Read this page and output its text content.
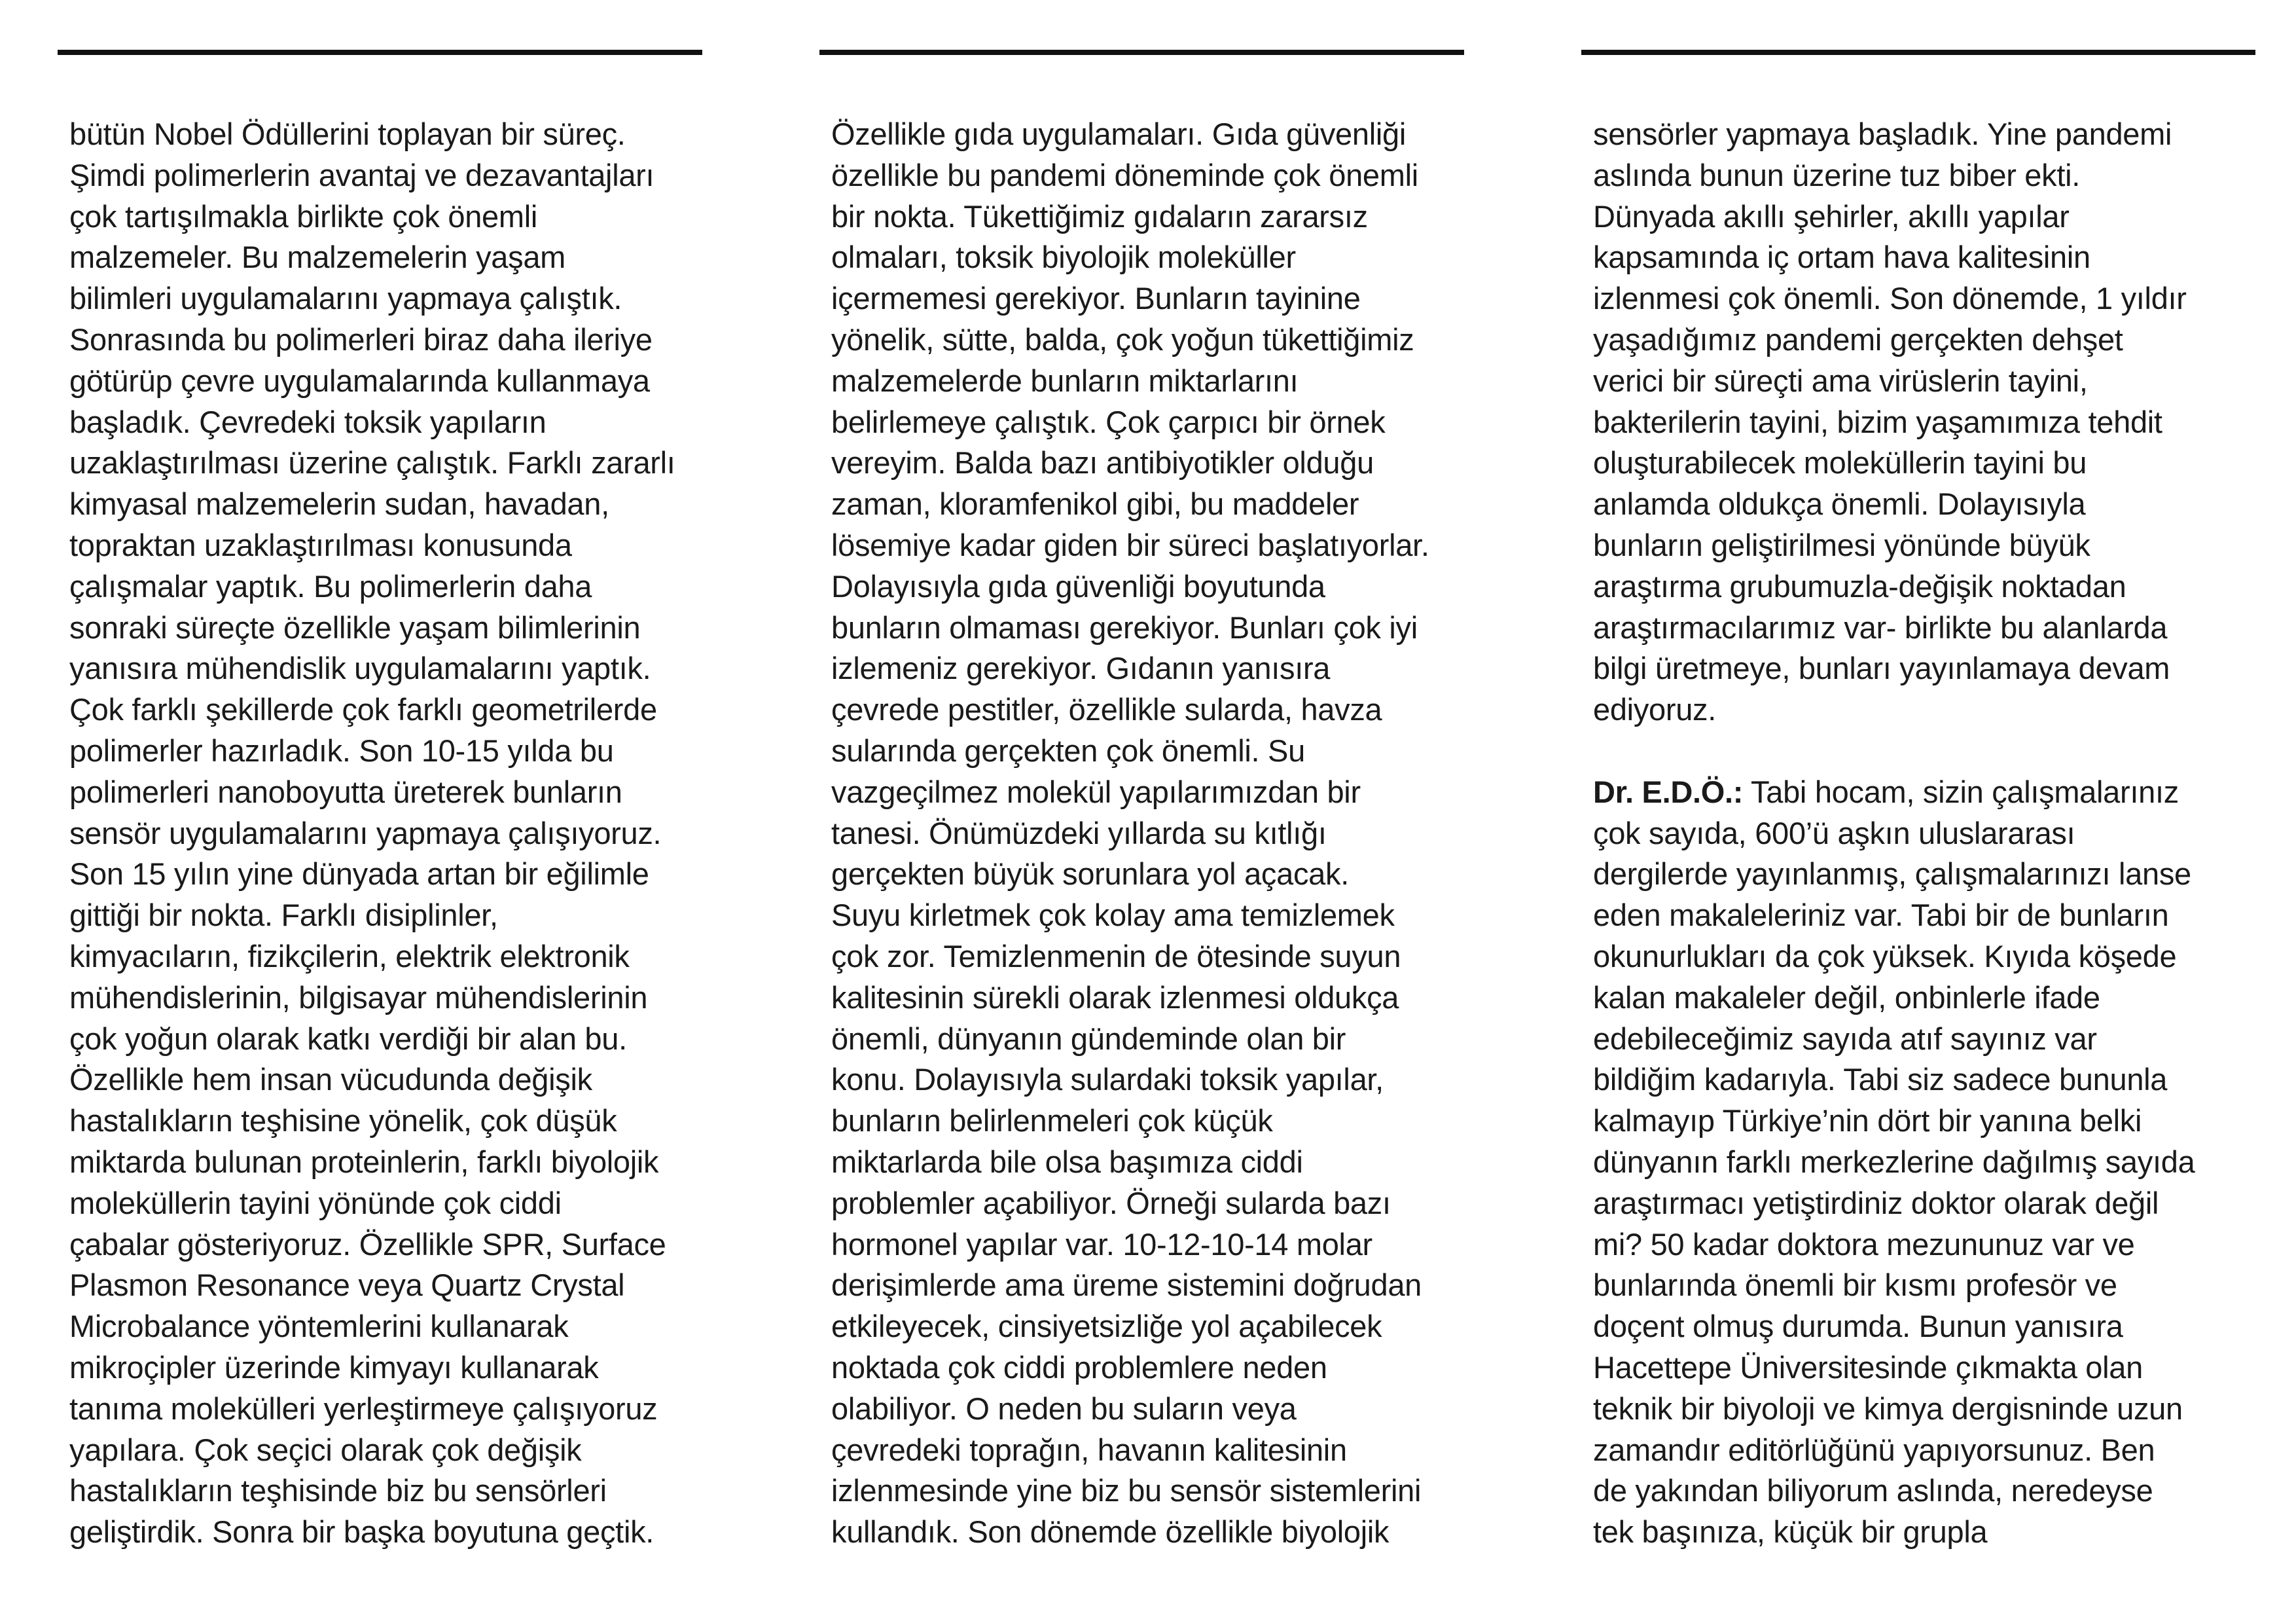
bütün Nobel Ödüllerini toplayan bir süreç.
Şimdi polimerlerin avantaj ve dezavantajları
çok tartışılmakla birlikte çok önemli
malzemeler. Bu malzemelerin yaşam
bilimleri uygulamalarını yapmaya çalıştık.
Sonrasında bu polimerleri biraz daha ileriye
götürüp çevre uygulamalarında kullanmaya
başladık. Çevredeki toksik yapıların
uzaklaştırılması üzerine çalıştık. Farklı zararlı
kimyasal malzemelerin sudan, havadan,
topraktan uzaklaştırılması konusunda
çalışmalar yaptık. Bu polimerlerin daha
sonraki süreçte özellikle yaşam bilimlerinin
yanısıra mühendislik uygulamalarını yaptık.
Çok farklı şekillerde çok farklı geometrilerde
polimerler hazırladık. Son 10-15 yılda bu
polimerleri nanoboyutta üreterek bunların
sensör uygulamalarını yapmaya çalışıyoruz.
Son 15 yılın yine dünyada artan bir eğilimle
gittiği bir nokta. Farklı disiplinler,
kimyacıların, fizikçilerin, elektrik elektronik
mühendislerinin, bilgisayar mühendislerinin
çok yoğun olarak katkı verdiği bir alan bu.
Özellikle hem insan vücudunda değişik
hastalıkların teşhisine yönelik, çok düşük
miktarda bulunan proteinlerin, farklı biyolojik
moleküllerin tayini yönünde çok ciddi
çabalar gösteriyoruz. Özellikle SPR, Surface
Plasmon Resonance veya Quartz Crystal
Microbalance yöntemlerini kullanarak
mikroçipler üzerinde kimyayı kullanarak
tanıma molekülleri yerleştirmeye çalışıyoruz
yapılara. Çok seçici olarak çok değişik
hastalıkların teşhisinde biz bu sensörleri
geliştirdik. Sonra bir başka boyutuna geçtik.
Özellikle gıda uygulamaları. Gıda güvenliği
özellikle bu pandemi döneminde çok önemli
bir nokta. Tükettiğimiz gıdaların zararsız
olmaları, toksik biyolojik moleküller
içermemesi gerekiyor. Bunların tayinine
yönelik, sütte, balda, çok yoğun tükettiğimiz
malzemelerde bunların miktarlarını
belirlemeye çalıştık. Çok çarpıcı bir örnek
vereyim. Balda bazı antibiyotikler olduğu
zaman, kloramfenikol gibi, bu maddeler
lösemiye kadar giden bir süreci başlatıyorlar.
Dolayısıyla gıda güvenliği boyutunda
bunların olmaması gerekiyor. Bunları çok iyi
izlemeniz gerekiyor. Gıdanın yanısıra
çevrede pestitler, özellikle sularda, havza
sularında gerçekten çok önemli. Su
vazgeçilmez molekül yapılarımızdan bir
tanesi. Önümüzdeki yıllarda su kıtlığı
gerçekten büyük sorunlara yol açacak.
Suyu kirletmek çok kolay ama temizlemek
çok zor. Temizlenmenin de ötesinde suyun
kalitesinin sürekli olarak izlenmesi oldukça
önemli, dünyanın gündeminde olan bir
konu. Dolayısıyla sulardaki toksik yapılar,
bunların belirlenmeleri çok küçük
miktarlarda bile olsa başımıza ciddi
problemler açabiliyor. Örneği sularda bazı
hormonel yapılar var. 10-12-10-14 molar
derişimlerde ama üreme sistemini doğrudan
etkileyecek, cinsiyetsizliğe yol açabilecek
noktada çok ciddi problemlere neden
olabiliyor. O neden bu suların veya
çevredeki toprağın, havanın kalitesinin
izlenmesinde yine biz bu sensör sistemlerini
kullandık. Son dönemde özellikle biyolojik
sensörler yapmaya başladık. Yine pandemi
aslında bunun üzerine tuz biber ekti.
Dünyada akıllı şehirler, akıllı yapılar
kapsamında iç ortam hava kalitesinin
izlenmesi çok önemli. Son dönemde, 1 yıldır
yaşadığımız pandemi gerçekten dehşet
verici bir süreçti ama virüslerin tayini,
bakterilerin tayini, bizim yaşamımıza tehdit
oluşturabilecek moleküllerin tayini bu
anlamda oldukça önemli. Dolayısıyla
bunların geliştirilmesi yönünde büyük
araştırma grubumuzla-değişik noktadan
araştırmacılarımız var- birlikte bu alanlarda
bilgi üretmeye, bunları yayınlamaya devam
ediyoruz.
Dr. E.D.Ö.: Tabi hocam, sizin çalışmalarınız
çok sayıda, 600’ü aşkın uluslararası
dergilerde yayınlanmış, çalışmalarınızı lanse
eden makaleleriniz var. Tabi bir de bunların
okunurlukları da çok yüksek. Kıyıda köşede
kalan makaleler değil, onbinlerle ifade
edebileceğimiz sayıda atıf sayınız var
bildiğim kadarıyla. Tabi siz sadece bununla
kalmayıp Türkiye’nin dört bir yanına belki
dünyanın farklı merkezlerine dağılmış sayıda
araştırmacı yetiştirdiniz doktor olarak değil
mi? 50 kadar doktora mezununuz var ve
bunlarında önemli bir kısmı profesör ve
doçent olmuş durumda. Bunun yanısıra
Hacettepe Üniversitesinde çıkmakta olan
teknik bir biyoloji ve kimya dergisninde uzun
zamandır editörlüğünü yapıyorsunuz. Ben
de yakından biliyorum aslında, neredeyse
tek başınıza, küçük bir grupla
